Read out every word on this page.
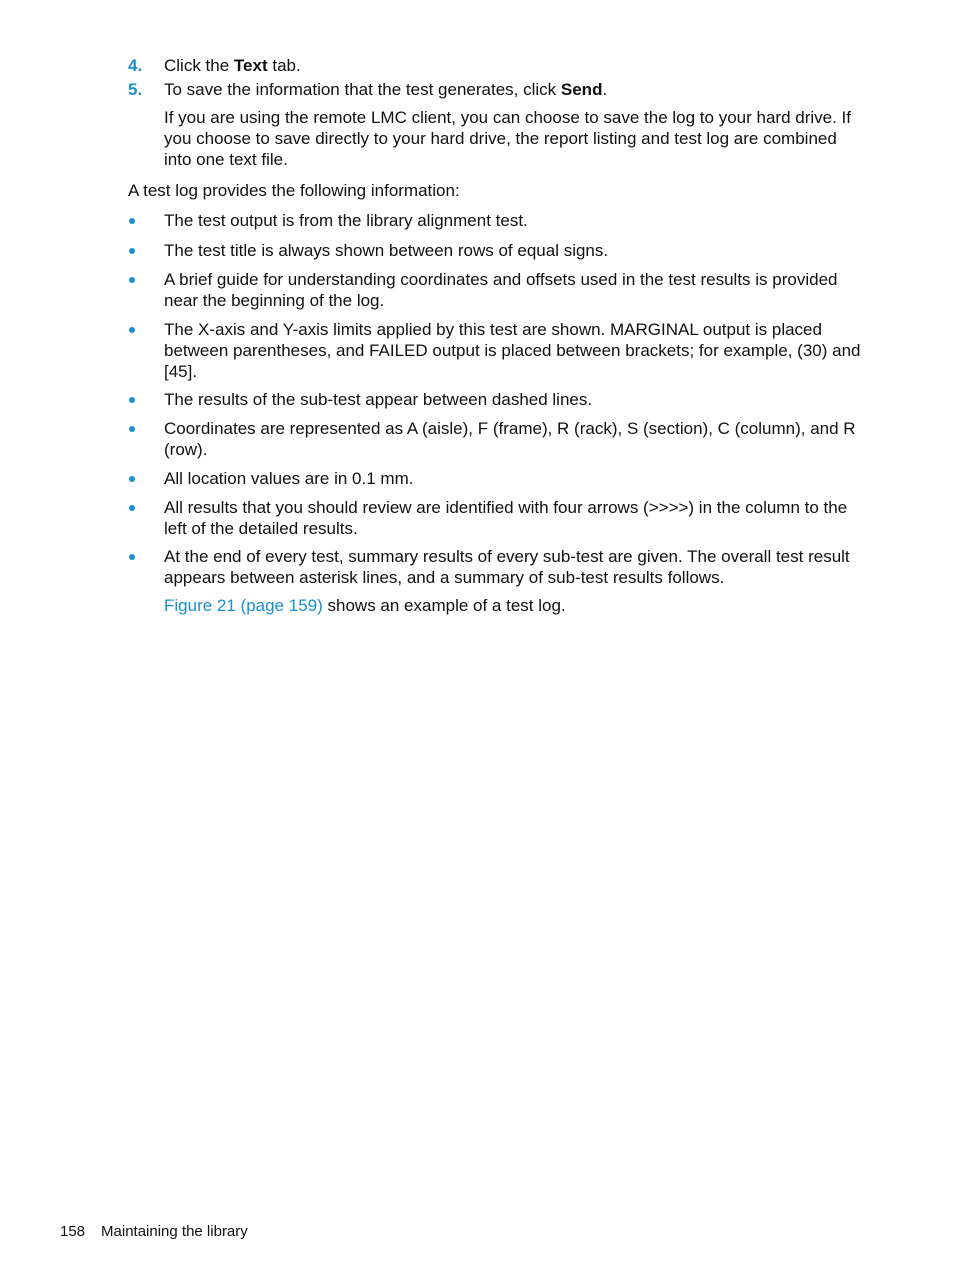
4. Click the Text tab.
5. To save the information that the test generates, click Send.
If you are using the remote LMC client, you can choose to save the log to your hard drive. If you choose to save directly to your hard drive, the report listing and test log are combined into one text file.
A test log provides the following information:
The test output is from the library alignment test.
The test title is always shown between rows of equal signs.
A brief guide for understanding coordinates and offsets used in the test results is provided near the beginning of the log.
The X-axis and Y-axis limits applied by this test are shown. MARGINAL output is placed between parentheses, and FAILED output is placed between brackets; for example, (30) and [45].
The results of the sub-test appear between dashed lines.
Coordinates are represented as A (aisle), F (frame), R (rack), S (section), C (column), and R (row).
All location values are in 0.1 mm.
All results that you should review are identified with four arrows (>>>>) in the column to the left of the detailed results.
At the end of every test, summary results of every sub-test are given. The overall test result appears between asterisk lines, and a summary of sub-test results follows.
Figure 21 (page 159) shows an example of a test log.
158 Maintaining the library
